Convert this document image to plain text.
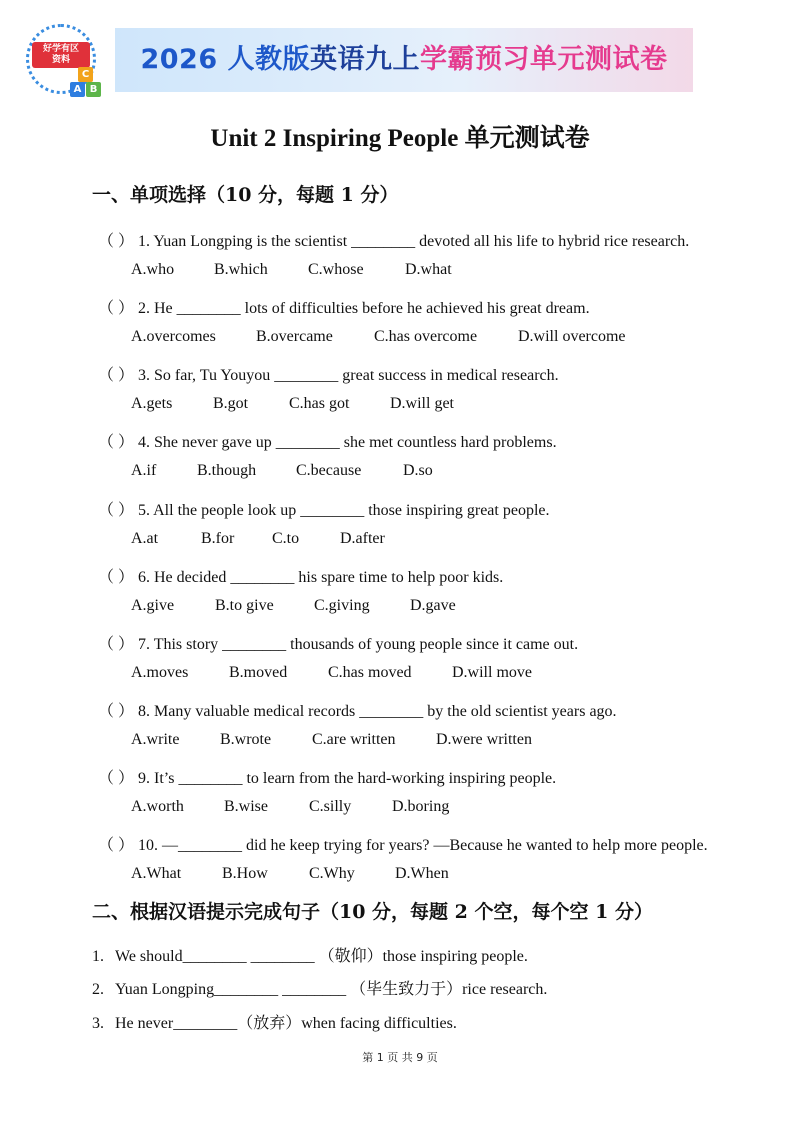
好学有区
资料
C
A B
2026 人教版英语九上学霸预习单元测试卷
Unit 2 Inspiring People 单元测试卷
一、单项选择（10 分，每题 1 分）
（ ） 1. Yuan Longping is the scientist ________ devoted all his life to hybrid rice research.
A.who B.which	C.whose	D.what
（ ） 2. He ________ lots of difficulties before he achieved his great dream.
A.overcomes	B.overcame	C.has overcome	D.will overcome
（ ） 3. So far, Tu Youyou ________ great success in medical research.
A.gets	B.got	C.has got	D.will get
（ ） 4. She never gave up ________ she met countless hard problems.
A.if	B.though C.because	D.so
（ ） 5. All the people look up ________ those inspiring great people.
A.at	B.for C.to	D.after
（ ） 6. He decided ________ his spare time to help poor kids.
A.give	B.to give	C.giving	D.gave
（ ） 7. This story ________ thousands of young people since it came out.
A.moves	B.moved	C.has moved	D.will move
（ ） 8. Many valuable medical records ________ by the old scientist years ago.
A.write	B.wrote	C.are written	D.were written
（ ） 9. It’s ________ to learn from the hard-working inspiring people.
A.worth	B.wise	C.silly	D.boring
（ ） 10. —________ did he keep trying for years? —Because he wanted to help more people.
A.What	B.How	C.Why	D.When
二、根据汉语提示完成句子（10 分，每题 2 个空，每个空 1 分）
1. We should________ ________ （敬仰）those inspiring people.
2. Yuan Longping________ ________ （毕生致力于）rice research.
3. He never________（放弃）when facing difficulties.
第 1 页 共 9 页
